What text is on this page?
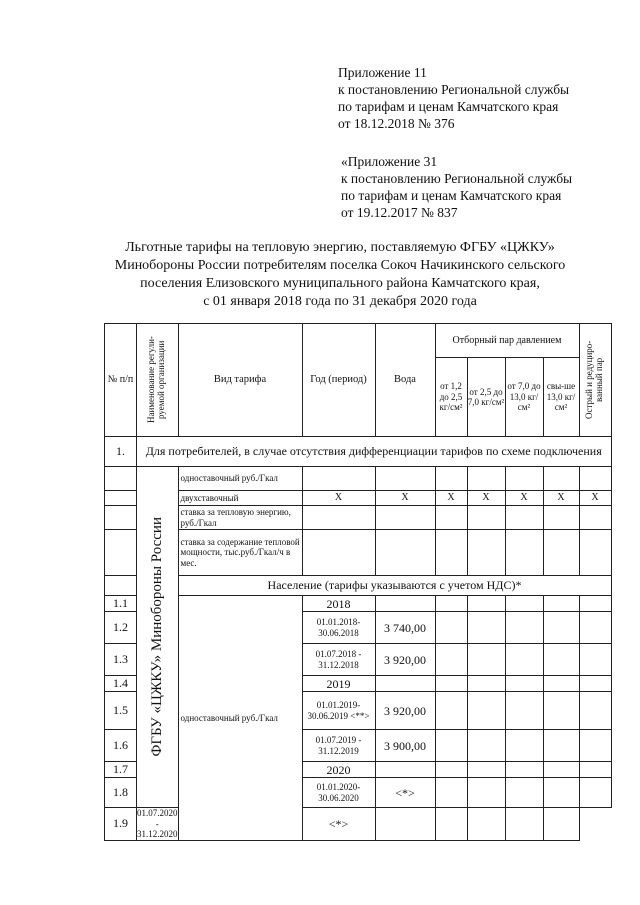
Приложение 11
к постановлению Региональной службы
по тарифам и ценам Камчатского края
от 18.12.2018 № 376
«Приложение 31
к постановлению Региональной службы
по тарифам и ценам Камчатского края
от 19.12.2017 № 837
Льготные тарифы на тепловую энергию, поставляемую ФГБУ «ЦЖКУ»
Минобороны России потребителям поселка Сокоч Начикинского сельского
поселения Елизовского муниципального района Камчатского края,
с 01 января 2018 года по 31 декабря 2020 года
№ п/п	Наименование регули-руемой организации	Вид тарифа	Год (период)	Вода	Отборный пар давлением				Острый и редуциро-ванный пар

					от 1,2 до 2,5 кг/см²	от 2,5 до 7,0 кг/см²	от 7,0 до 13,0 кг/см²	свы-ше 13,0 кг/см²	
1.	Для потребителей, в случае отсутствия дифференциации тарифов по схеме подключения								

	ФГБУ «ЦЖКУ» Минобороны России	одноставочный руб./Гкал							
		двухставочный	X	X	X	X	X	X	X
		ставка за тепловую энергию, руб./Гкал							
		ставка за содержание тепловой мощности, тыс.руб./Гкал/ч в мес.							
		Население (тарифы указываются с учетом НДС)*							
1.1		одноставочный руб./Гкал	2018						
1.2			01.01.2018-30.06.2018	3 740,00					
1.3			01.07.2018 - 31.12.2018	3 920,00					
1.4			2019						
1.5			01.01.2019-30.06.2019 <**>	3 920,00					
1.6			01.07.2019 - 31.12.2019	3 900,00					
1.7			2020						
1.8			01.01.2020-30.06.2020	<*>					
1.9	01.07.2020 - 31.12.2020		<*>						
